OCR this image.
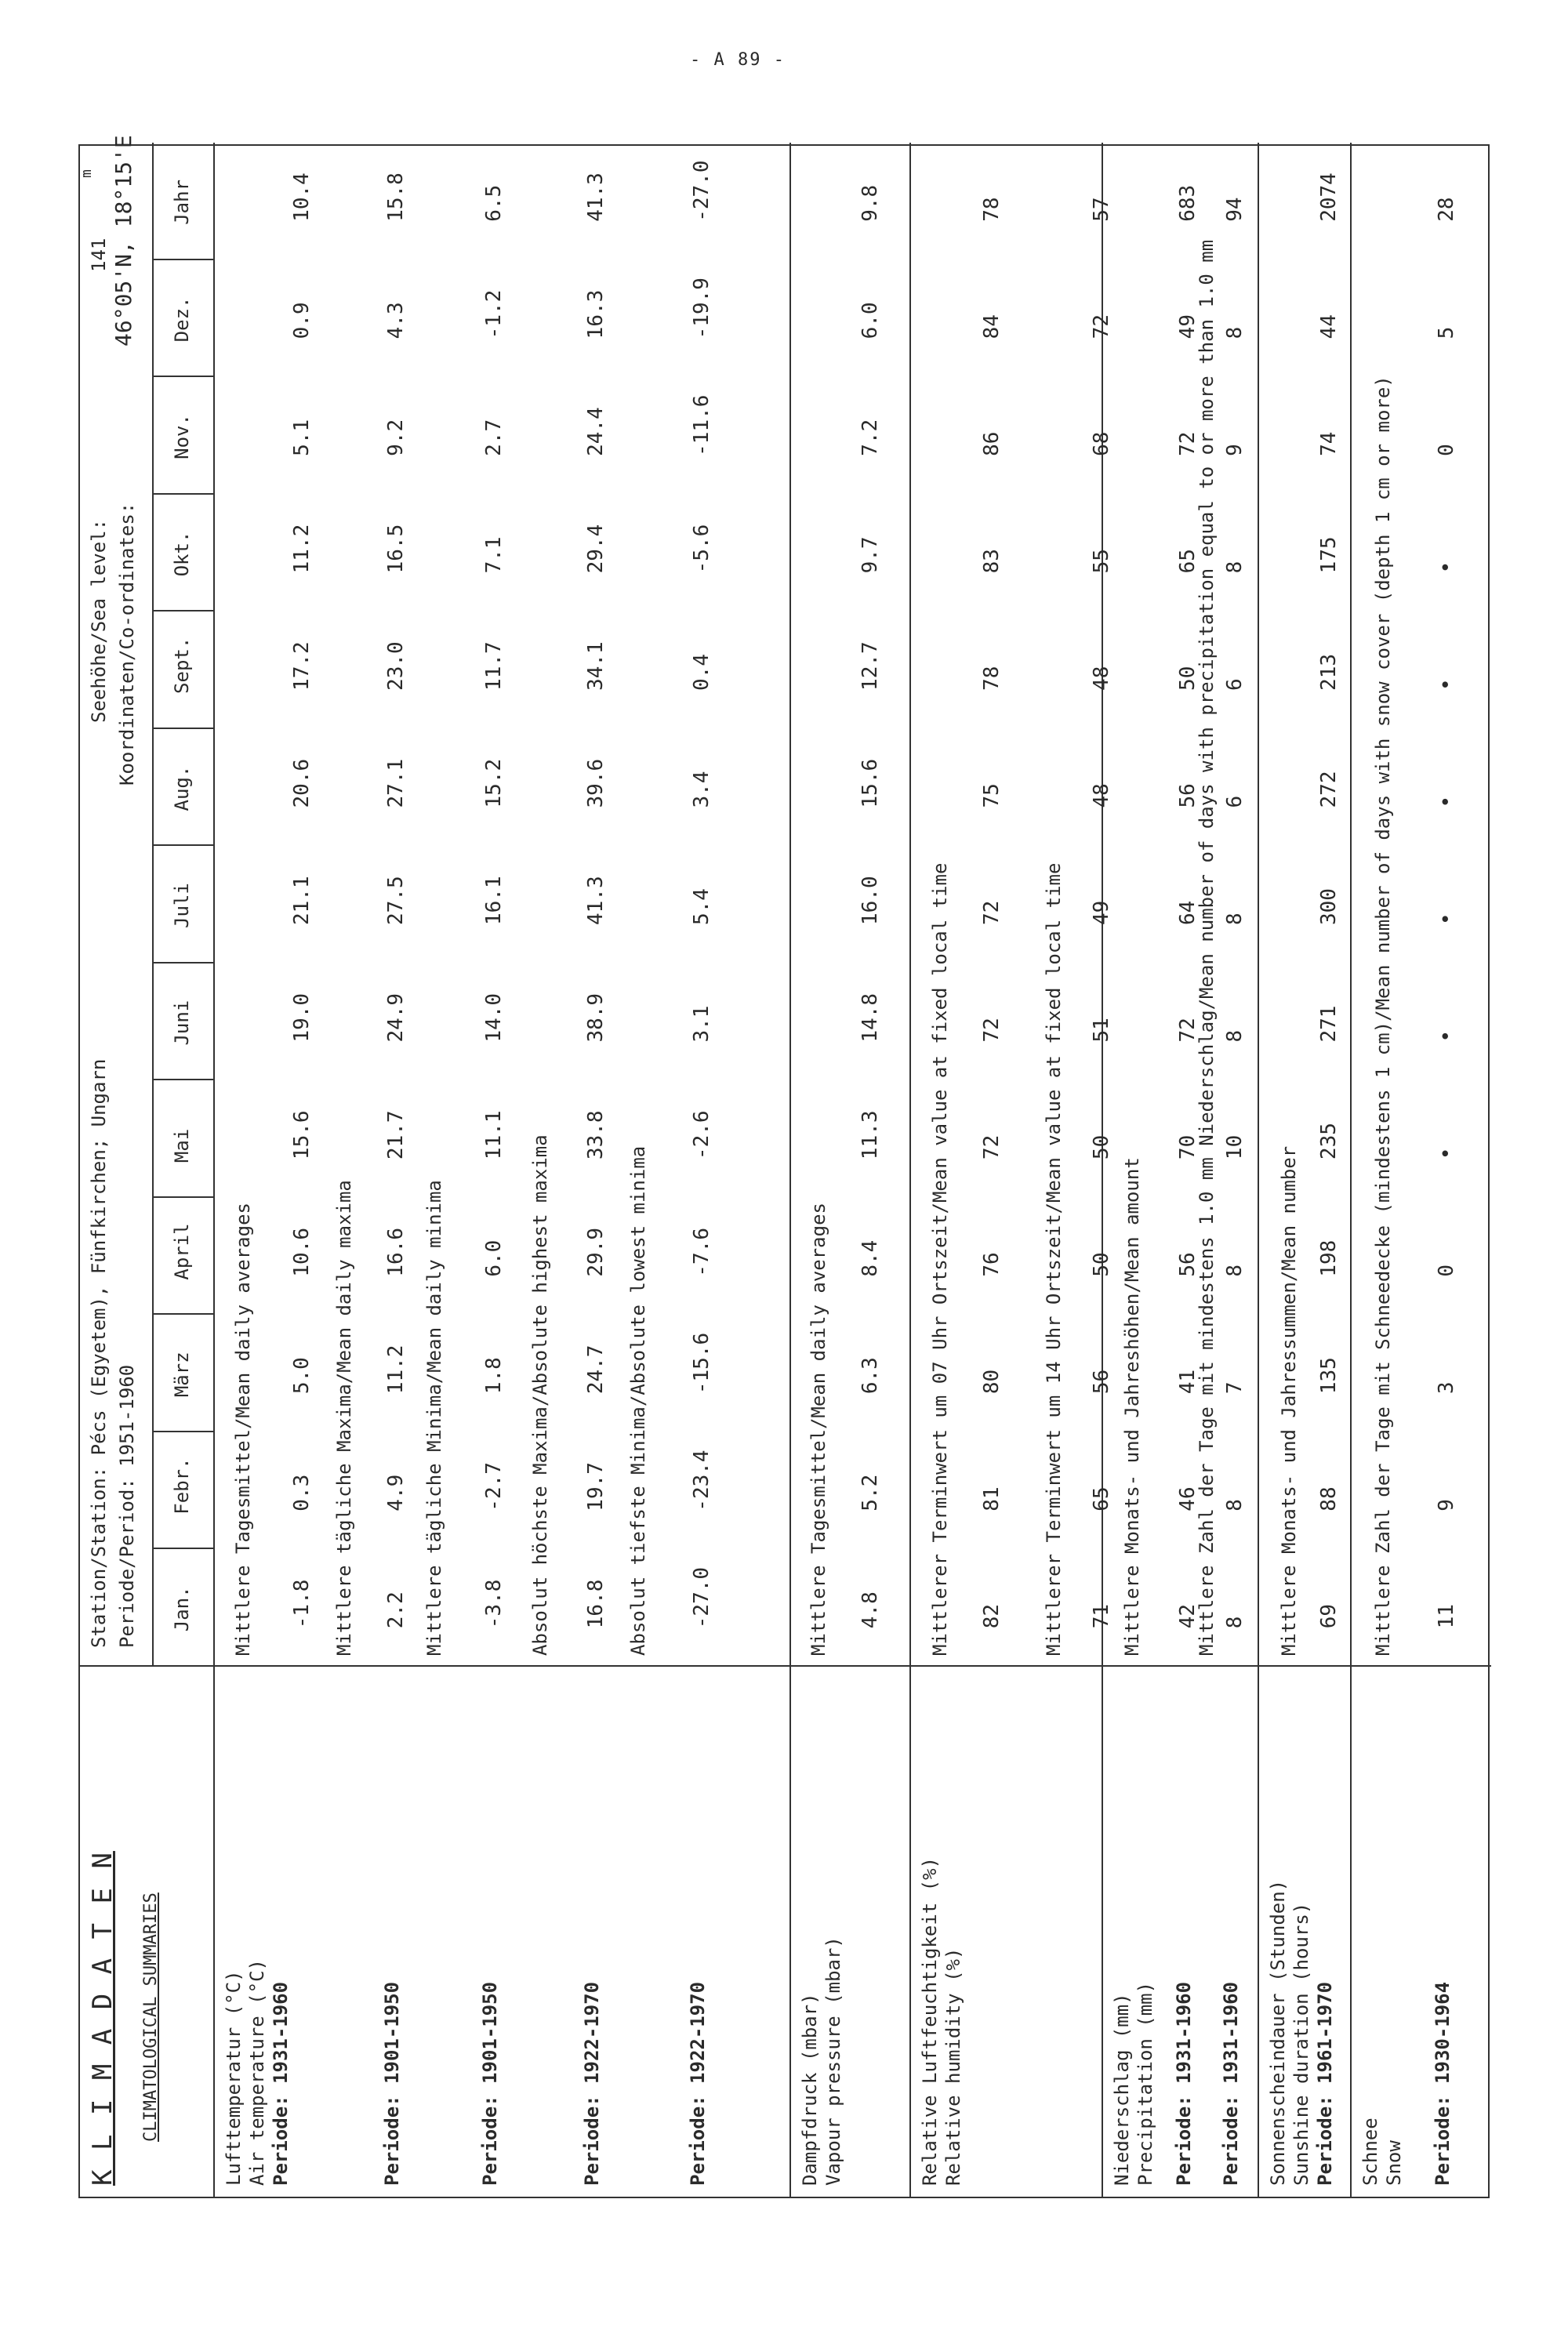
- A 89 -
K L I M A D A T E N CLIMATOLOGICAL SUMMARIES
Station/Station: Pécs (Egyetem), Fünfkirchen; Ungarn Periode/Period: 1951-1960
Seehöhe/Sea level:
141
m
Koordinaten/Co-ordinates:
46°05'N, 18°15'E
Jan.
Febr.
März
April
Mai
Juni
Juli
Aug.
Sept.
Okt.
Nov.
Dez.
Jahr
Lufttemperatur (°C) Air temperature (°C) Periode: 1931-1960
Mittlere Tagesmittel/Mean daily averages -1.8
0.3
5.0
10.6
15.6
19.0
21.1
20.6
17.2
11.2
5.1
0.9
10.4
Periode: 1901-1950
Mittlere tägliche Maxima/Mean daily maxima 2.2
4.9
11.2
16.6
21.7
24.9
27.5
27.1
23.0
16.5
9.2
4.3
15.8
Periode: 1901-1950
Mittlere tägliche Minima/Mean daily minima -3.8
-2.7
1.8
6.0
11.1
14.0
16.1
15.2
11.7
7.1
2.7
-1.2
6.5
Periode: 1922-1970
Absolut höchste Maxima/Absolute highest maxima 16.8
19.7
24.7
29.9
33.8
38.9
41.3
39.6
34.1
29.4
24.4
16.3
41.3
Periode: 1922-1970
Absolut tiefste Minima/Absolute lowest minima -27.0
-23.4
-15.6
-7.6
-2.6
3.1
5.4
3.4
0.4
-5.6
-11.6
-19.9
-27.0
Dampfdruck (mbar) Vapour pressure (mbar)
Mittlere Tagesmittel/Mean daily averages 4.8
5.2
6.3
8.4
11.3
14.8
16.0
15.6
12.7
9.7
7.2
6.0
9.8
Relative Luftfeuchtigkeit (%) Relative humidity (%)
Mittlerer Terminwert um 07 Uhr Ortszeit/Mean value at fixed local time 82
81
80
76
72
72
72
75
78
83
86
84
78
Mittlerer Terminwert um 14 Uhr Ortszeit/Mean value at fixed local time 71
65
56
50
50
51
49
48
48
55
68
72
57
Niederschlag (mm) Precipitation (mm) Periode: 1931-1960
Mittlere Monats- und Jahreshöhen/Mean amount 42
46
41
56
70
72
64
56
50
65
72
49
683
Periode: 1931-1960
Mittlere Zahl der Tage mit mindestens 1.0 mm Niederschlag/Mean number of days with precipitation equal to or more than 1.0 mm 8
8
7
8
10
8
8
6
6
8
9
8
94
Sonnenscheindauer (Stunden) Sunshine duration (hours) Periode: 1961-1970
Mittlere Monats- und Jahressummen/Mean number 69
88
135
198
235
271
300
272
213
175
74
44
2074
Schnee Snow Periode: 1930-1964
Mittlere Zahl der Tage mit Schneedecke (mindestens 1 cm)/Mean number of days with snow cover (depth 1 cm or more) 11
9
3
0
•
•
•
•
•
•
0
5
28
